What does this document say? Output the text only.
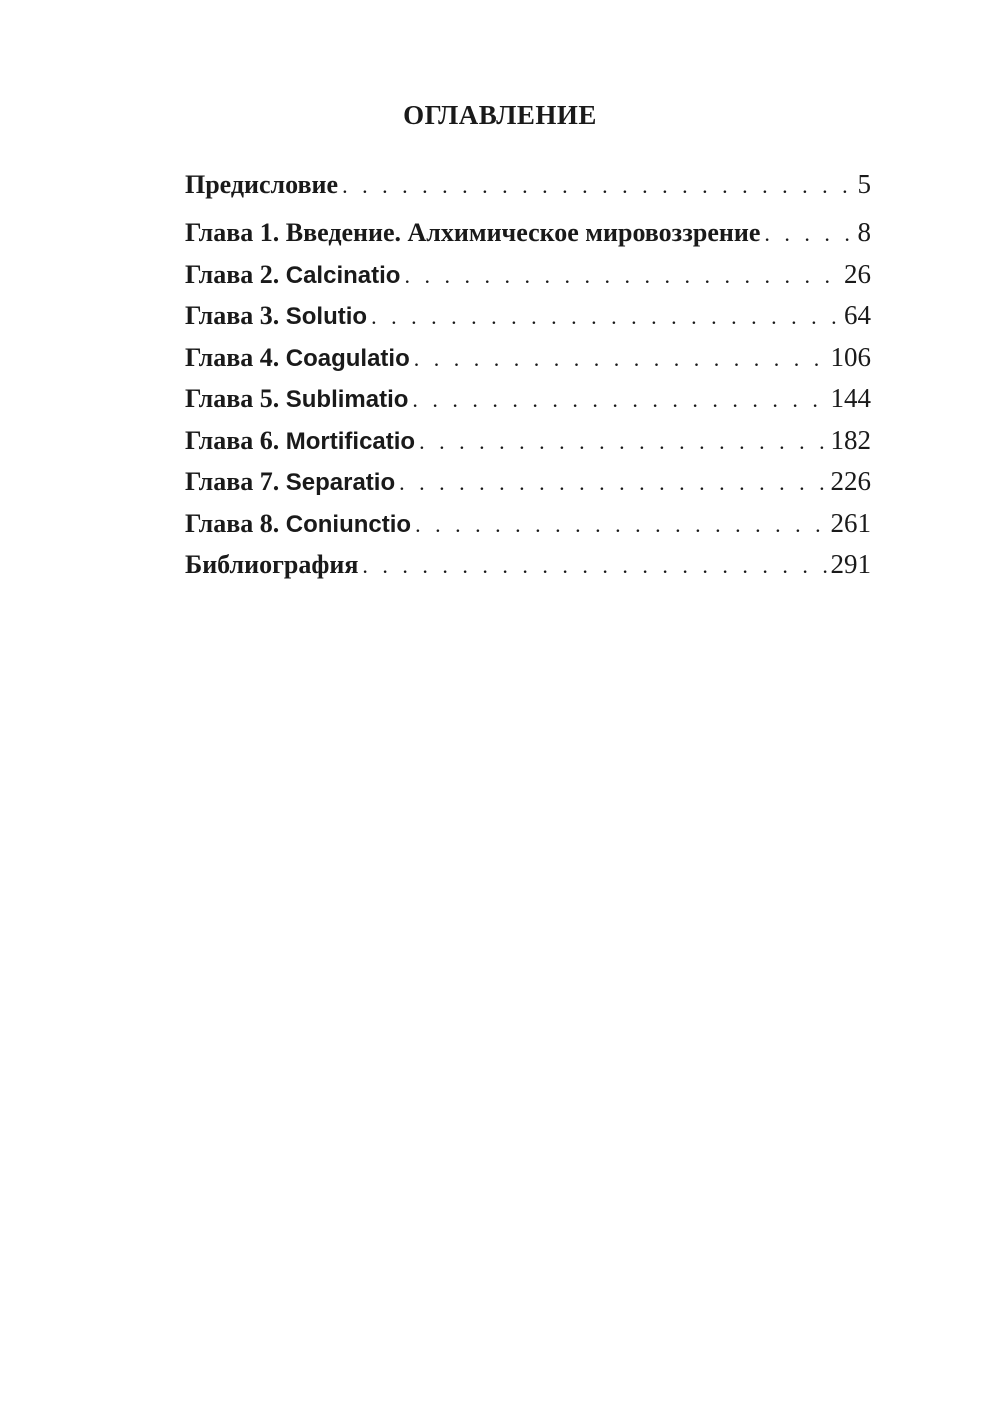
ОГЛАВЛЕНИЕ
Предисловие . . .	5
Глава 1. Введение. Алхимическое мировоззрение . . .	8
Глава 2. Calcinatio . . .	26
Глава 3. Solutio . . .	64
Глава 4. Coagulatio . . .	106
Глава 5. Sublimatio . . .	144
Глава 6. Mortificatio . . .	182
Глава 7. Separatio . . .	226
Глава 8. Coniunctio . . .	261
Библиография . . .	291
